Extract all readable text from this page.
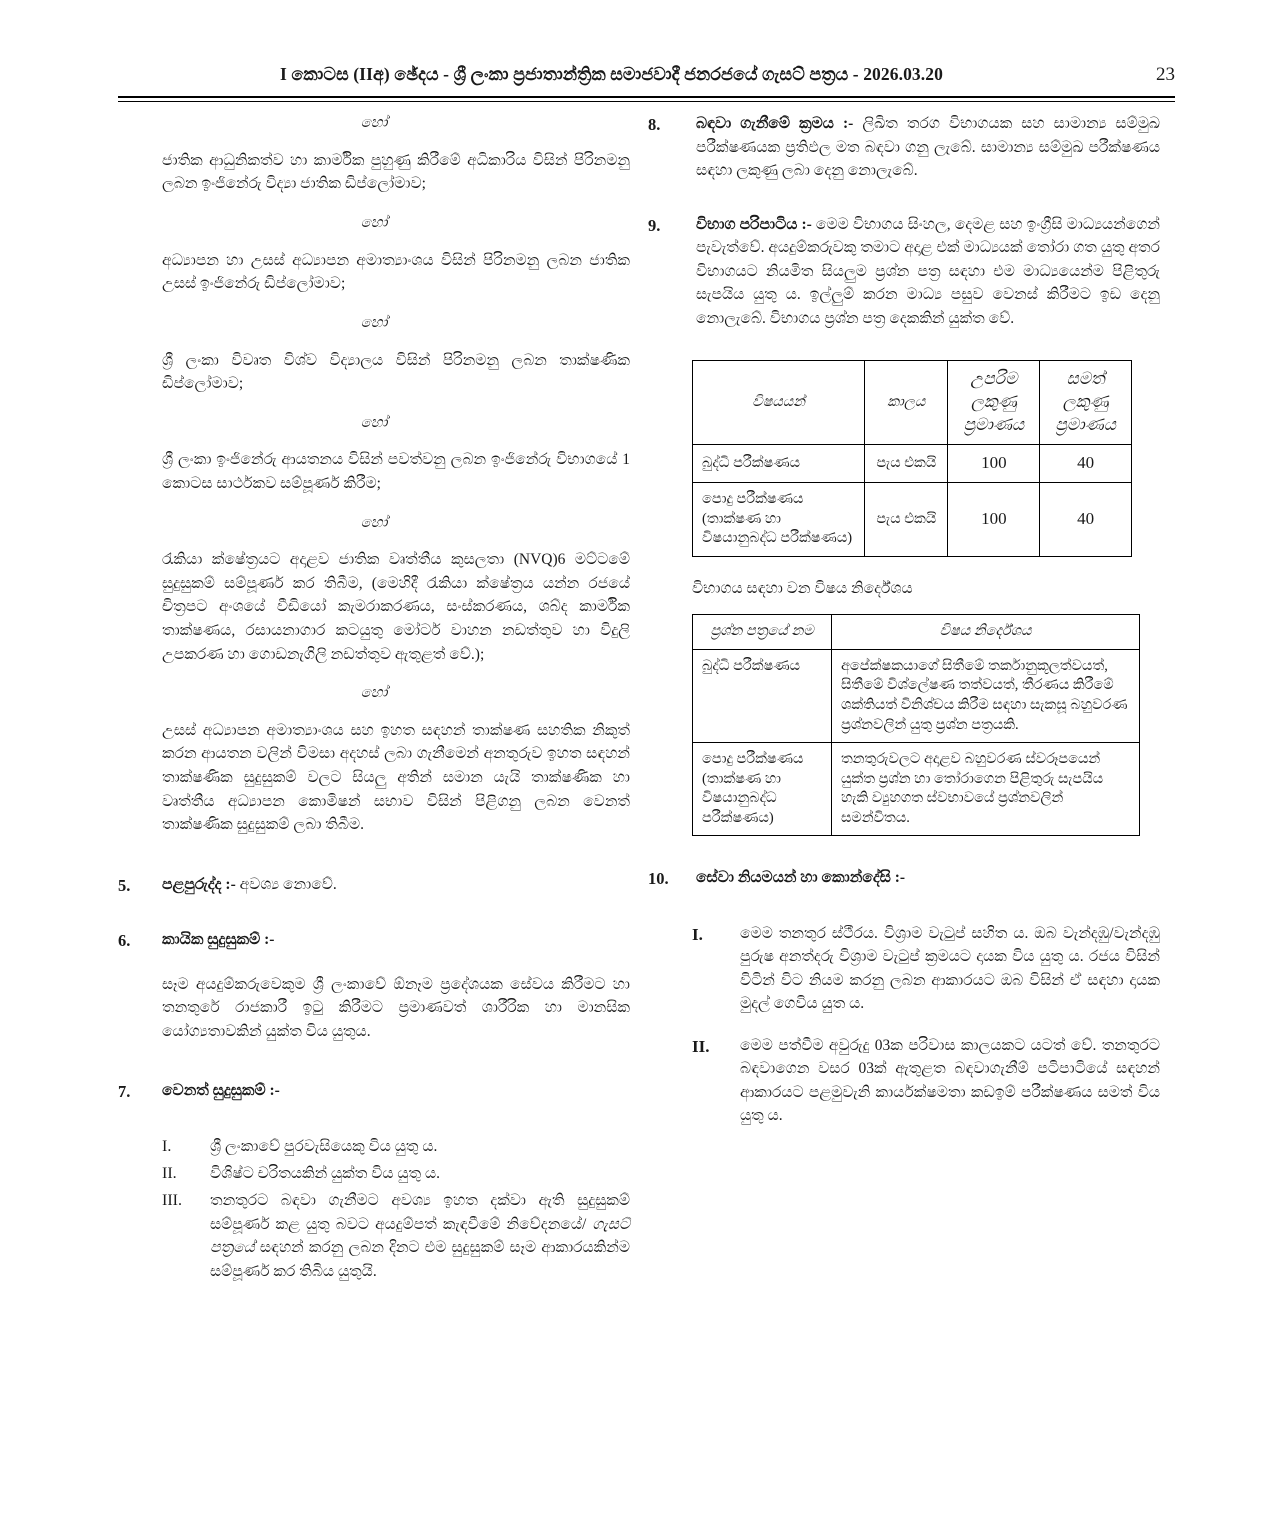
I කොටස (IIඅ) ඡේදය - ශ්‍රී ලංකා ප්‍රජාතාන්ත්‍රික සමාජවාදී ජනරජයේ ගැසට් පත්‍රය - 2026.03.20	23
හෝ
ජාතික ආධුනිකත්ව හා කාර්මික පුහුණු කිරීමේ අධිකාරිය විසින් පිරිනමනු ලබන ඉංජිනේරු විද්‍යා ජාතික ඩිප්ලෝමාව;
හෝ
අධ්‍යාපන හා උසස් අධ්‍යාපන අමාත්‍යාංශය විසින් පිරිනමනු ලබන ජාතික උසස් ඉංජිනේරු ඩිප්ලෝමාව;
හෝ
ශ්‍රී ලංකා විවෘත විශ්ව විද්‍යාලය විසින් පිරිනමනු ලබන තාක්ෂණික ඩිප්ලෝමාව;
හෝ
ශ්‍රී ලංකා ඉංජිනේරු ආයතනය විසින් පවත්වනු ලබන ඉංජිනේරු විභාගයේ 1 කොටස සාර්ථකව සම්පූර්ණ කිරීම;
හෝ
රැකියා ක්ෂේත්‍රයට අදාළව ජාතික වෘත්තීය කුසලතා (NVQ)6 මට්ටමේ සුදුසුකම් සම්පූර්ණ කර තිබීම, (මෙහිදී රැකියා ක්ෂේත්‍රය යන්න රජයේ චිත්‍රපට අංශයේ වීඩියෝ කැමරාකරණය, සංස්කරණය, ශබ්ද කාර්මික තාක්ෂණය, රසායනාගාර කටයුතු මෝටර් වාහන නඩත්තුව හා විදුලි උපකරණ හා ගොඩනැගිලි නඩත්තුව ඇතුළත් වේ.);
හෝ
උසස් අධ්‍යාපන අමාත්‍යාංශය සහ ඉහත සඳහන් තාක්ෂණ සහතික නිකුත් කරන ආයතන වලින් විමසා අදහස් ලබා ගැනීමෙන් අනතුරුව ඉහත සඳහන් තාක්ෂණික සුදුසුකම් වලට සියලු අතින් සමාන යැයි තාක්ෂණික හා වෘත්තීය අධ්‍යාපන කොමිෂන් සභාව විසින් පිළිගනු ලබන වෙනත් තාක්ෂණික සුදුසුකම් ලබා තිබීම.
5.	පළපුරුද්ද :- අවශ්‍ය නොවේ.
6.	කායික සුදුසුකම් :-
සෑම අයදුම්කරුවෙකුම ශ්‍රී ලංකාවේ ඕනෑම ප්‍රදේශයක සේවය කිරීමට හා තනතුරේ රාජකාරී ඉටු කිරීමට ප්‍රමාණවත් ශාරීරික හා මානසික යෝග්‍යතාවකින් යුක්ත විය යුතුය.
7.	වෙනත් සුදුසුකම් :-
I.	ශ්‍රී ලංකාවේ පුරවැසියෙකු විය යුතු ය.
II.	විශිෂ්ට චරිතයකින් යුක්ත විය යුතු ය.
III.	තනතුරට බඳවා ගැනීමට අවශ්‍ය ඉහත දක්වා ඇති සුදුසුකම් සම්පූර්ණ කළ යුතු බවට අයදුම්පත් කැඳවීමේ නිවේදනයේ/ ගැසට් පත්‍රයේ සඳහන් කරනු ලබන දිනට එම සුදුසුකම් සෑම ආකාරයකින්ම සම්පූර්ණ කර තිබිය යුතුයි.
8.	බඳවා ගැනීමේ ක්‍රමය :- ලිඛිත තරග විභාගයක සහ සාමාන්‍ය සම්මුඛ පරීක්ෂණයක ප්‍රතිඵල මත බඳවා ගනු ලැබේ. සාමාන්‍ය සම්මුඛ පරීක්ෂණය සඳහා ලකුණු ලබා දෙනු නොලැබේ.
9.	විභාග පරිපාටිය :- මෙම විභාගය සිංහල, දෙමළ සහ ඉංග්‍රීසි මාධ්‍යයන්ගෙන් පැවැත්වේ. අයදුම්කරුවකු තමාට අදාළ එක් මාධ්‍යයක් තෝරා ගත යුතු අතර විභාගයට නියමිත සියලුම ප්‍රශ්න පත්‍ර සඳහා එම මාධ්‍යයෙන්ම පිළිතුරු සැපයිය යුතු ය. ඉල්ලුම් කරන මාධ්‍ය පසුව වෙනස් කිරීමට ඉඩ දෙනු නොලැබේ. විභාගය ප්‍රශ්න පත්‍ර දෙකකින් යුක්ත වේ.
විෂයයන්	කාලය	උපරිම ලකුණු ප්‍රමාණය	සමත් ලකුණු ප්‍රමාණය
බුද්ධි පරීක්ෂණය	පැය එකයි	100	40
පොදු පරීක්ෂණය (තාක්ෂණ හා විෂයානුබද්ධ පරීක්ෂණය)	පැය එකයි	100	40
විභාගය සඳහා වන විෂය නිර්දේශය
ප්‍රශ්න පත්‍රයේ නම	විෂය නිර්දේශය
බුද්ධි පරීක්ෂණය	අපේක්ෂකයාගේ සිතීමේ තර්කානුකූලත්වයත්, සිතීමේ විශ්ලේෂණ තත්වයත්, තීරණය කිරීමේ ශක්තියත් විනිශ්චය කිරීම සඳහා සැකසූ බහුවරණ ප්‍රශ්නවලින් යුතු ප්‍රශ්න පත්‍රයකි.
පොදු පරීක්ෂණය (තාක්ෂණ හා විෂයානුබද්ධ පරීක්ෂණය)	තනතුරුවලට අදාළව බහුවරණ ස්වරූපයෙන් යුක්ත ප්‍රශ්න හා තෝරාගෙන පිළිතුරු සැපයිය හැකි ව්‍යුහගත ස්වභාවයේ ප්‍රශ්නවලින් සමන්විතය.
10.	සේවා නියමයන් හා කොන්දේසි :-
I.	මෙම තනතුර ස්ථීරය. විශ්‍රාම වැටුප් සහිත ය. ඔබ වැන්දඹු/වැන්දඹු පුරුෂ අනත්දරු විශ්‍රාම වැටුප් ක්‍රමයට දායක විය යුතු ය. රජය විසින් විටින් විට නියම කරනු ලබන ආකාරයට ඔබ විසින් ඒ සඳහා දායක මුදල් ගෙවිය යුත ය.
II.	මෙම පත්වීම අවුරුදු 03ක පරිවාස කාලයකට යටත් වේ. තනතුරට බඳවාගෙන වසර 03ක් ඇතුළත බඳවාගැනීම් පටිපාටියේ සඳහන් ආකාරයට පළමුවැනි කාර්යක්ෂමතා කඩඉම් පරීක්ෂණය සමත් විය යුතු ය.
